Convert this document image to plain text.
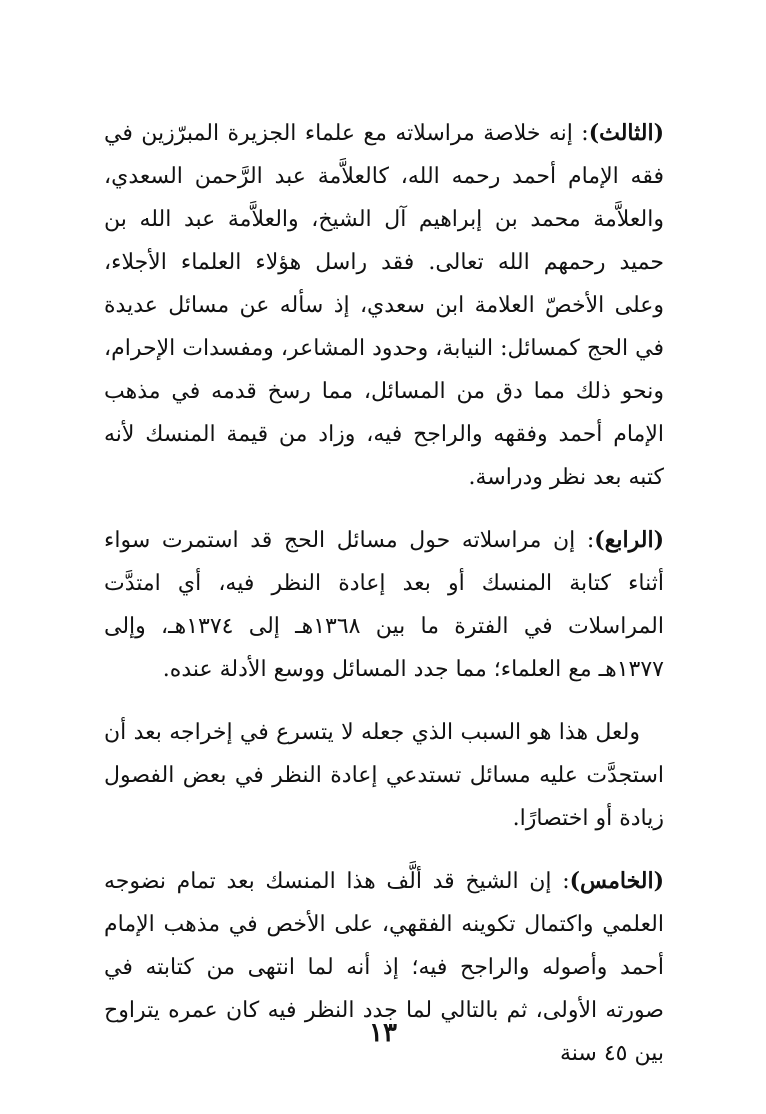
(الثالث): إنه خلاصة مراسلاته مع علماء الجزيرة المبرّزين في فقه الإمام أحمد رحمه الله، كالعلاَّمة عبد الرَّحمن السعدي، والعلاَّمة محمد بن إبراهيم آل الشيخ، والعلاَّمة عبد الله بن حميد رحمهم الله تعالى. فقد راسل هؤلاء العلماء الأجلاء، وعلى الأخصّ العلامة ابن سعدي، إذ سأله عن مسائل عديدة في الحج كمسائل: النيابة، وحدود المشاعر، ومفسدات الإحرام، ونحو ذلك مما دق من المسائل، مما رسخ قدمه في مذهب الإمام أحمد وفقهه والراجح فيه، وزاد من قيمة المنسك لأنه كتبه بعد نظر ودراسة.

(الرابع): إن مراسلاته حول مسائل الحج قد استمرت سواء أثناء كتابة المنسك أو بعد إعادة النظر فيه، أي امتدَّت المراسلات في الفترة ما بين ١٣٦٨هـ إلى ١٣٧٤هـ، وإلى ١٣٧٧هـ مع العلماء؛ مما جدد المسائل ووسع الأدلة عنده.

ولعل هذا هو السبب الذي جعله لا يتسرع في إخراجه بعد أن استجدَّت عليه مسائل تستدعي إعادة النظر في بعض الفصول زيادة أو اختصارًا.

(الخامس): إن الشيخ قد ألَّف هذا المنسك بعد تمام نضوجه العلمي واكتمال تكوينه الفقهي، على الأخص في مذهب الإمام أحمد وأصوله والراجح فيه؛ إذ أنه لما انتهى من كتابته في صورته الأولى، ثم بالتالي لما جدد النظر فيه كان عمره يتراوح بين ٤٥ سنة

١٣
